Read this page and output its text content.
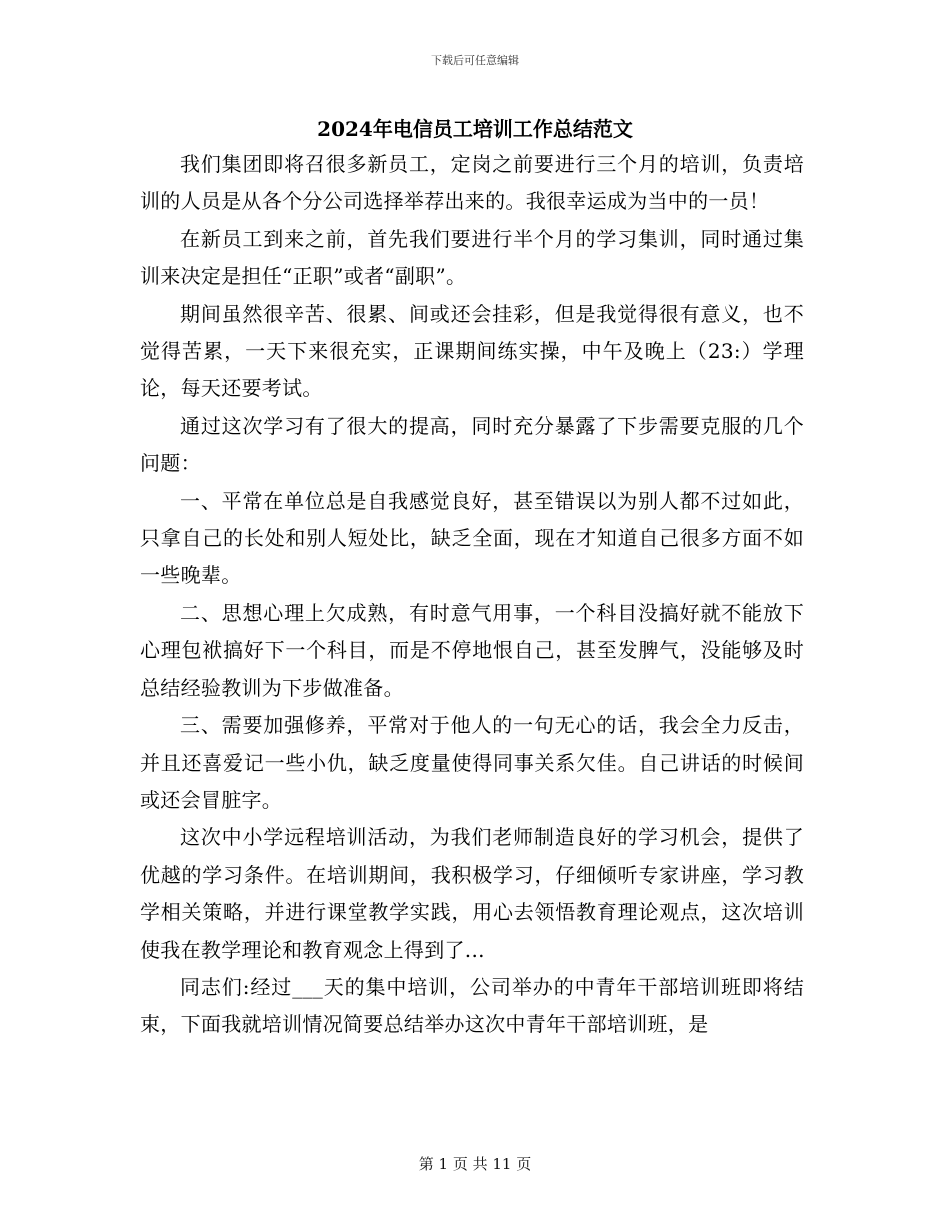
下载后可任意编辑
2024年电信员工培训工作总结范文

我们集团即将召很多新员工，定岗之前要进行三个月的培训，负责培训的人员是从各个分公司选择举荐出来的。我很幸运成为当中的一员！

在新员工到来之前，首先我们要进行半个月的学习集训，同时通过集训来决定是担任“正职”或者“副职”。

期间虽然很辛苦、很累、间或还会挂彩，但是我觉得很有意义，也不觉得苦累，一天下来很充实，正课期间练实操，中午及晚上（23:）学理论，每天还要考试。

通过这次学习有了很大的提高，同时充分暴露了下步需要克服的几个问题：

一、平常在单位总是自我感觉良好，甚至错误以为别人都不过如此，只拿自己的长处和别人短处比，缺乏全面，现在才知道自己很多方面不如一些晚辈。

二、思想心理上欠成熟，有时意气用事，一个科目没搞好就不能放下心理包袱搞好下一个科目，而是不停地恨自己，甚至发脾气，没能够及时总结经验教训为下步做准备。

三、需要加强修养，平常对于他人的一句无心的话，我会全力反击，并且还喜爱记一些小仇，缺乏度量使得同事关系欠佳。自己讲话的时候间或还会冒脏字。

这次中小学远程培训活动，为我们老师制造良好的学习机会，提供了优越的学习条件。在培训期间，我积极学习，仔细倾听专家讲座，学习教学相关策略，并进行课堂教学实践，用心去领悟教育理论观点，这次培训使我在教学理论和教育观念上得到了...

同志们:经过___天的集中培训，公司举办的中青年干部培训班即将结束，下面我就培训情况简要总结举办这次中青年干部培训班，是

第 1 页 共 11 页
